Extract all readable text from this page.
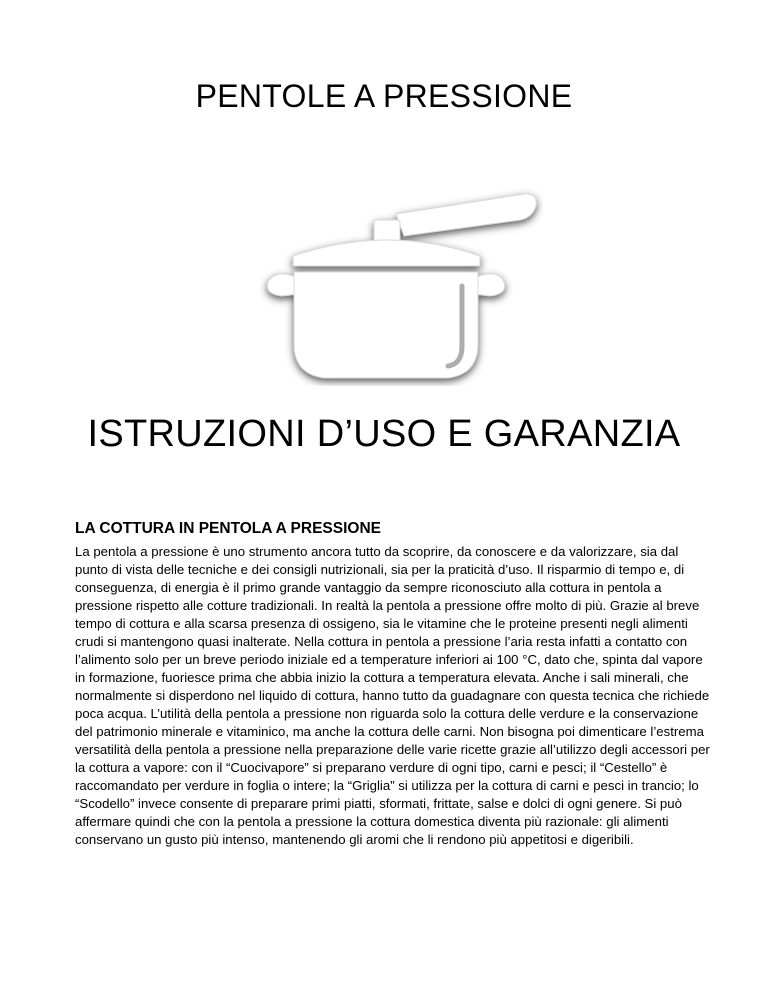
PENTOLE A PRESSIONE
ISTRUZIONI D’USO E GARANZIA
LA COTTURA IN PENTOLA A PRESSIONE

La pentola a pressione è uno strumento ancora tutto da scoprire, da conoscere e da valorizzare, sia dal punto di vista delle tecniche e dei consigli nutrizionali, sia per la praticità d’uso. Il risparmio di tempo e, di conseguenza, di energia è il primo grande vantaggio da sempre riconosciuto alla cottura in pentola a pressione rispetto alle cotture tradizionali. In realtà la pentola a pressione offre molto di più. Grazie al breve tempo di cottura e alla scarsa presenza di ossigeno, sia le vitamine che le proteine presenti negli alimenti crudi si mantengono quasi inalterate. Nella cottura in pentola a pressione l’aria resta infatti a contatto con l’alimento solo per un breve periodo iniziale ed a temperature inferiori ai 100 °C, dato che, spinta dal vapore in formazione, fuoriesce prima che abbia inizio la cottura a temperatura elevata. Anche i sali minerali, che normalmente si disperdono nel liquido di cottura, hanno tutto da guadagnare con questa tecnica che richiede poca acqua. L’utilità della pentola a pressione non riguarda solo la cottura delle verdure e la conservazione del patrimonio minerale e vitaminico, ma anche la cottura delle carni. Non bisogna poi dimenticare l’estrema versatilità della pentola a pressione nella preparazione delle varie ricette grazie all’utilizzo degli accessori per la cottura a vapore: con il “Cuocivapore” si preparano verdure di ogni tipo, carni e pesci; il “Cestello” è raccomandato per verdure in foglia o intere; la “Griglia” si utilizza per la cottura di carni e pesci in trancio; lo “Scodello” invece consente di preparare primi piatti, sformati, frittate, salse e dolci di ogni genere. Si può affermare quindi che con la pentola a pressione la cottura domestica diventa più razionale: gli alimenti conservano un gusto più intenso, mantenendo gli aromi che li rendono più appetitosi e digeribili.
